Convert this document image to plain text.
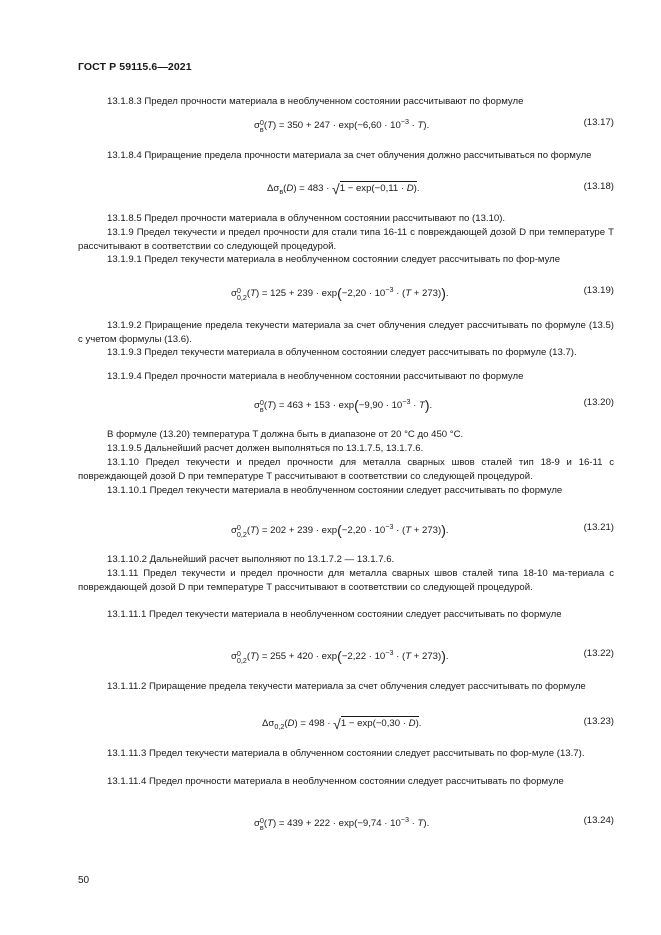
ГОСТ Р 59115.6—2021
13.1.8.3 Предел прочности материала в необлученном состоянии рассчитывают по формуле
σ 0
в $(T) = 350 + 247 \cdot \exp(-6,60 \cdot 10^{-3} \cdot T)$.	(13.17)
13.1.8.4 Приращение предела прочности материала за счет облучения должно рассчитываться по формуле
$\Delta\sigma_в(D) = 483 \cdot √1 - \exp(-0,11 \cdot D)$.	(13.18)
13.1.8.5 Предел прочности материала в облученном состоянии рассчитывают по (13.10).
13.1.9 Предел текучести и предел прочности для стали типа 16-11 с повреждающей дозой D при температуре T рассчитывают в соответствии со следующей процедурой.
13.1.9.1 Предел текучести материала в необлученном состоянии следует рассчитывать по фор-муле
σ 0
0,2 $(T) = 125 + 239 \cdot \exp(-2,20 \cdot 10^{-3} \cdot (T + 273))$.	(13.19)
13.1.9.2 Приращение предела текучести материала за счет облучения следует рассчитывать по формуле (13.5) с учетом формулы (13.6).
13.1.9.3 Предел текучести материала в облученном состоянии следует рассчитывать по формуле (13.7).
13.1.9.4 Предел прочности материала в необлученном состоянии рассчитывают по формуле
σ 0
в $(T) = 463 + 153 \cdot \exp(-9,90 \cdot 10^{-3} \cdot T)$.	(13.20)
В формуле (13.20) температура T должна быть в диапазоне от 20 °C до 450 °C.
13.1.9.5 Дальнейший расчет должен выполняться по 13.1.7.5, 13.1.7.6.
13.1.10 Предел текучести и предел прочности для металла сварных швов сталей тип 18-9 и 16-11 с повреждающей дозой D при температуре T рассчитывают в соответствии со следующей процедурой.
13.1.10.1 Предел текучести материала в необлученном состоянии следует рассчитывать по формуле
σ 0
0,2 $(T) = 202 + 239 \cdot \exp(-2,20 \cdot 10^{-3} \cdot (T + 273))$.	(13.21)
13.1.10.2 Дальнейший расчет выполняют по 13.1.7.2 — 13.1.7.6.
13.1.11 Предел текучести и предел прочности для металла сварных швов сталей типа 18-10 ма-териала с повреждающей дозой D при температуре T рассчитывают в соответствии со следующей процедурой.
13.1.11.1 Предел текучести материала в необлученном состоянии следует рассчитывать по формуле
σ 0
0,2 $(T) = 255 + 420 \cdot \exp(-2,22 \cdot 10^{-3} \cdot (T + 273))$.	(13.22)
13.1.11.2 Приращение предела текучести материала за счет облучения следует рассчитывать по формуле
$\Delta\sigma_{0,2}(D) = 498 \cdot √1 - \exp(-0,30 \cdot D)$.	(13.23)
13.1.11.3 Предел текучести материала в облученном состоянии следует рассчитывать по фор-муле (13.7).
13.1.11.4 Предел прочности материала в необлученном состоянии следует рассчитывать по формуле
σ 0
в $(T) = 439 + 222 \cdot \exp(-9,74 \cdot 10^{-3} \cdot T)$.	(13.24)
50
